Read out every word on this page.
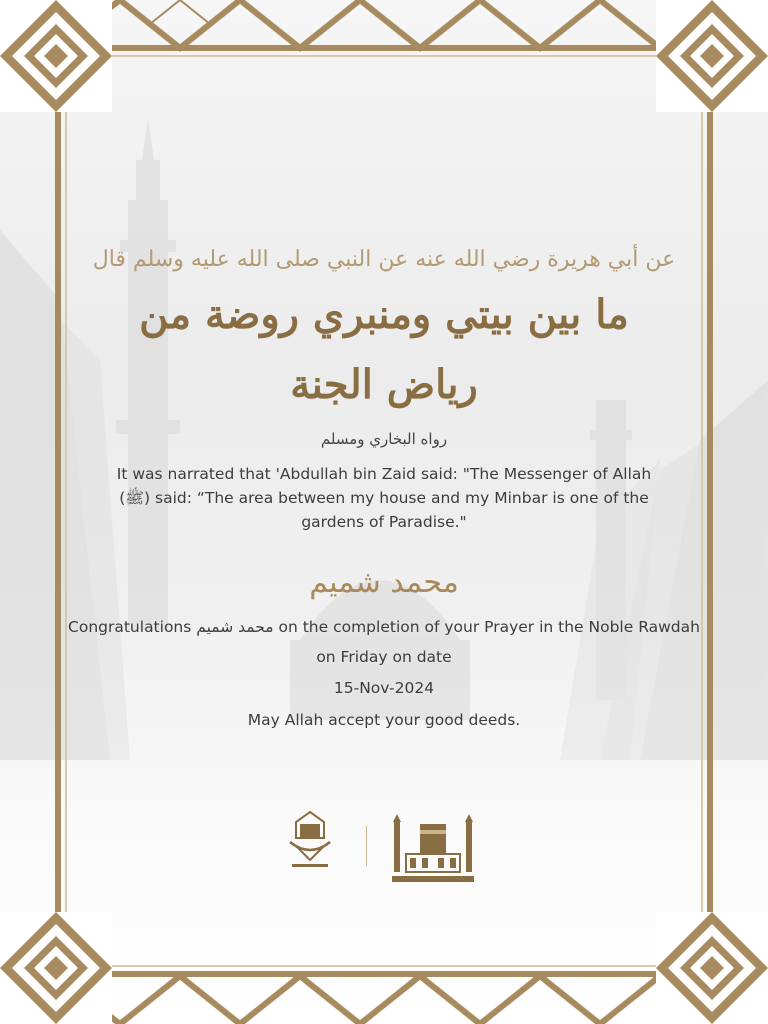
عن أبي هريرة رضي الله عنه عن النبي صلى الله عليه وسلم قال

ما بين بيتي ومنبري روضة من رياض الجنة

رواه البخاري ومسلم

It was narrated that 'Abdullah bin Zaid said: "The Messenger of Allah (ﷺ) said: “The area between my house and my Minbar is one of the gardens of Paradise."

محمد شميم

Congratulations محمد شميم on the completion of your Prayer in the Noble Rawdah on Friday on date

15-Nov-2024

May Allah accept your good deeds.
